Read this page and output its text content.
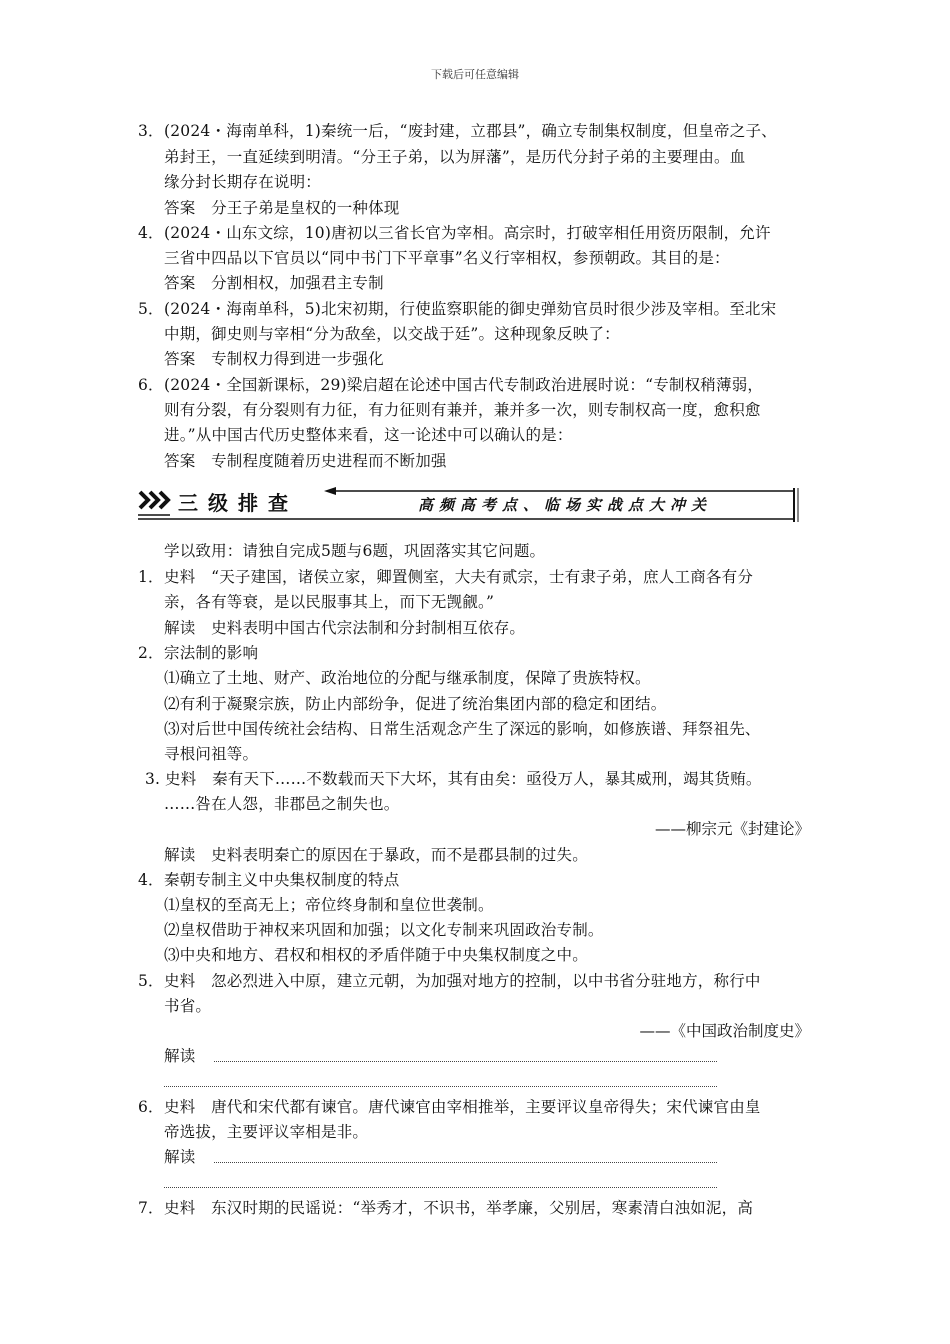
下载后可任意编辑
3．(2024・海南单科，1)秦统一后，“废封建，立郡县”，确立专制集权制度，但皇帝之子、
弟封王，一直延续到明清。“分王子弟，以为屏藩”，是历代分封子弟的主要理由。血
缘分封长期存在说明：
答案　分王子弟是皇权的一种体现
4．(2024・山东文综，10)唐初以三省长官为宰相。高宗时，打破宰相任用资历限制，允许
三省中四品以下官员以“同中书门下平章事”名义行宰相权，参预朝政。其目的是：
答案　分割相权，加强君主专制
5．(2024・海南单科，5)北宋初期，行使监察职能的御史弹劾官员时很少涉及宰相。至北宋
中期，御史则与宰相“分为敌垒，以交战于廷”。这种现象反映了：
答案　专制权力得到进一步强化
6．(2024・全国新课标，29)梁启超在论述中国古代专制政治进展时说：“专制权稍薄弱，
则有分裂，有分裂则有力征，有力征则有兼并，兼并多一次，则专制权高一度，愈积愈
进。”从中国古代历史整体来看，这一论述中可以确认的是：
答案　专制程度随着历史进程而不断加强
三级排查	高频高考点、临场实战点大冲关
学以致用：请独自完成5题与6题，巩固落实其它问题。
1．史料　“天子建国，诸侯立家，卿置侧室，大夫有贰宗，士有隶子弟，庶人工商各有分
亲，各有等衰，是以民服事其上，而下无觊觎。”
解读　史料表明中国古代宗法制和分封制相互依存。
2．宗法制的影响
⑴确立了土地、财产、政治地位的分配与继承制度，保障了贵族特权。
⑵有利于凝聚宗族，防止内部纷争，促进了统治集团内部的稳定和团结。
⑶对后世中国传统社会结构、日常生活观念产生了深远的影响，如修族谱、拜祭祖先、
寻根问祖等。
3. 史料　秦有天下……不数载而天下大坏，其有由矣：亟役万人，暴其威刑，竭其货贿。
……咎在人怨，非郡邑之制失也。
——柳宗元《封建论》
解读　史料表明秦亡的原因在于暴政，而不是郡县制的过失。
4．秦朝专制主义中央集权制度的特点
⑴皇权的至高无上；帝位终身制和皇位世袭制。
⑵皇权借助于神权来巩固和加强；以文化专制来巩固政治专制。
⑶中央和地方、君权和相权的矛盾伴随于中央集权制度之中。
5．史料　忽必烈进入中原，建立元朝，为加强对地方的控制，以中书省分驻地方，称行中
书省。
——《中国政治制度史》
解读
6．史料　唐代和宋代都有谏官。唐代谏官由宰相推举，主要评议皇帝得失；宋代谏官由皇
帝选拔，主要评议宰相是非。
解读
7．史料　东汉时期的民谣说：“举秀才，不识书，举孝廉，父别居，寒素清白浊如泥，高
